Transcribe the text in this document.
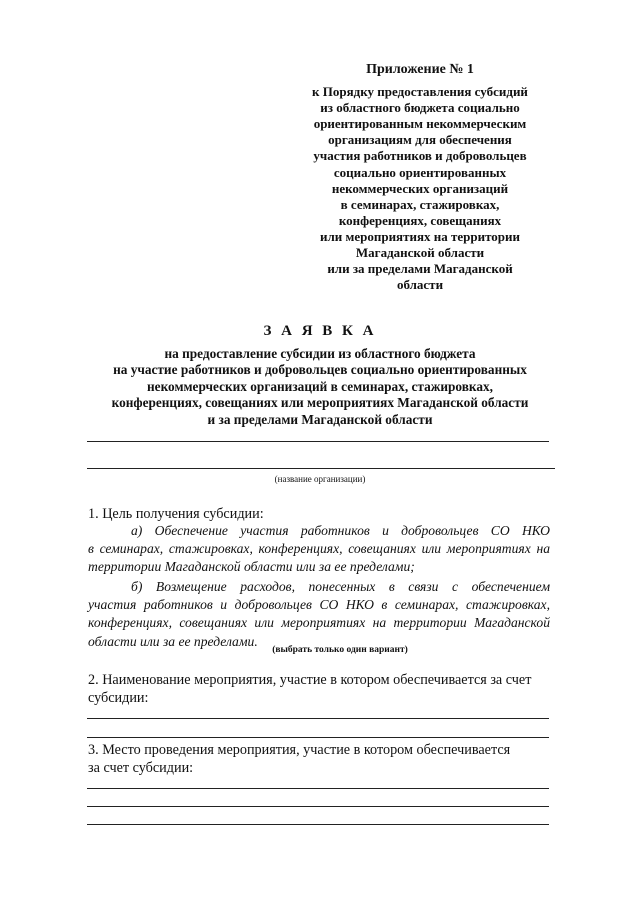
Приложение № 1
к Порядку предоставления субсидий
из областного бюджета социально
ориентированным некоммерческим
организациям для обеспечения
участия работников и добровольцев
социально ориентированных
некоммерческих организаций
в семинарах, стажировках,
конференциях, совещаниях
или мероприятиях на территории
Магаданской области
или за пределами Магаданской
области
З А Я В К А
на предоставление субсидии из областного бюджета
на участие работников и добровольцев социально ориентированных
некоммерческих организаций в семинарах, стажировках,
конференциях, совещаниях или мероприятиях Магаданской области
и за пределами Магаданской области
(название организации)
1. Цель получения субсидии:
а) Обеспечение участия работников и добровольцев СО НКО
в семинарах, стажировках, конференциях, совещаниях или мероприятиях на территории Магаданской области или за ее пределами;
б) Возмещение расходов, понесенных в связи с обеспечением
участия работников и добровольцев СО НКО в семинарах, стажировках, конференциях, совещаниях или мероприятиях на территории Магаданской области или за ее пределами.
(выбрать только один вариант)
2. Наименование мероприятия, участие в котором обеспечивается за счет
субсидии:
3. Место проведения мероприятия, участие в котором обеспечивается
за счет субсидии:
